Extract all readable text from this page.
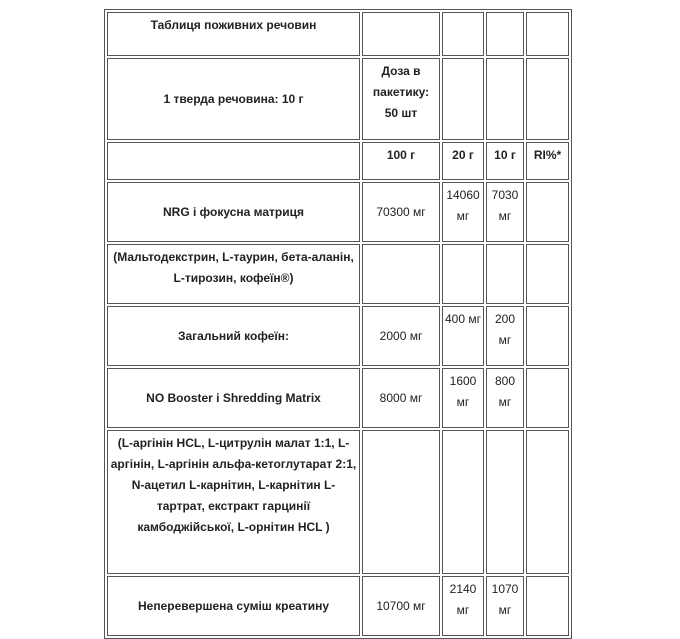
Таблиця поживних речовин				
1 тверда речовина: 10 г	Доза в пакетику: 50 шт			
	100 г	20 г	10 г	RI%*
NRG і фокусна матриця	70300 мг	14060 мг	7030 мг	
(Мальтодекстрин, L-таурин, бета-аланін, L-тирозин, кофеїн®)				
Загальний кофеїн:	2000 мг	400 мг	200 мг	
NO Booster і Shredding Matrix	8000 мг	1600 мг	800 мг	
(L-аргінін HCL, L-цитрулін малат 1:1, L-аргінін, L-аргінін альфа-кетоглутарат 2:1, N-ацетил L-карнітин, L-карнітин L-тартрат, екстракт гарцинії камбоджійської, L-орнітин HCL )				
Неперевершена суміш креатину	10700 мг	2140 мг	1070 мг	
